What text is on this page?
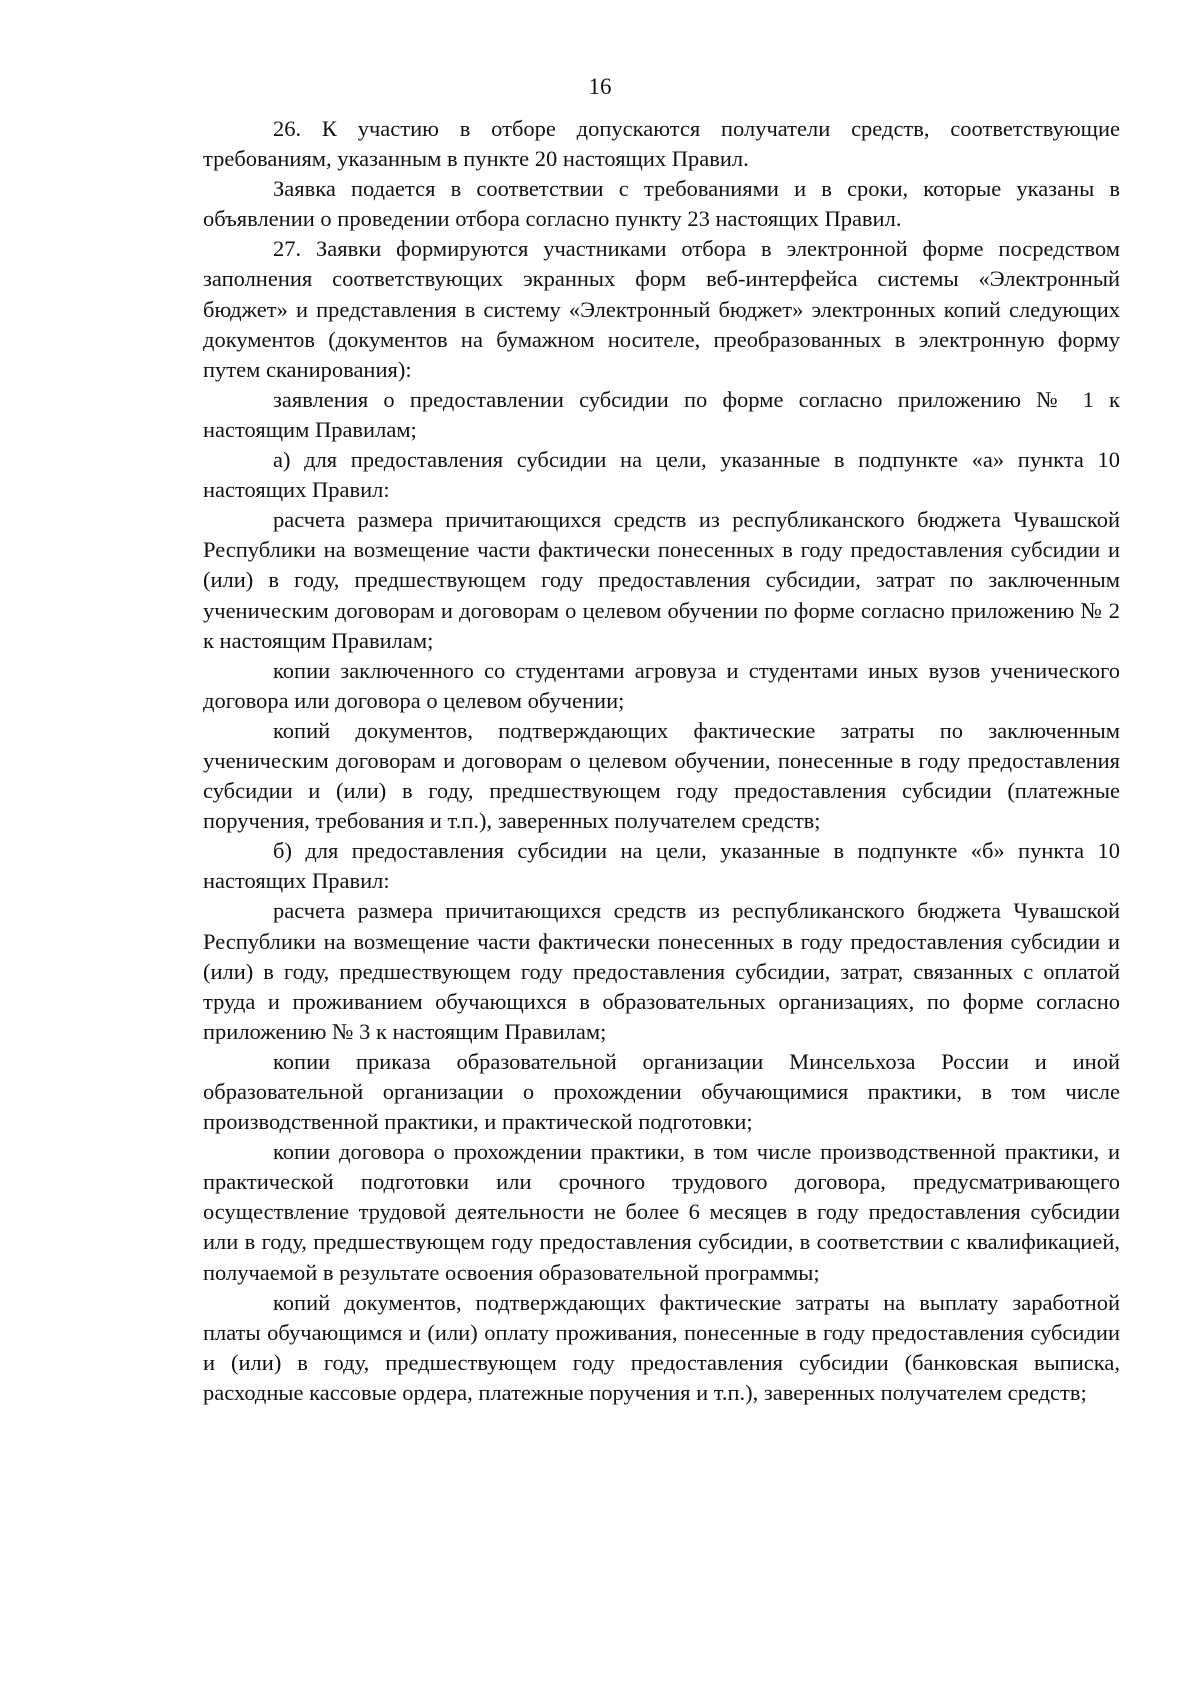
16

26. К участию в отборе допускаются получатели средств, соответствующие требованиям, указанным в пункте 20 настоящих Правил.

Заявка подается в соответствии с требованиями и в сроки, которые указаны в объявлении о проведении отбора согласно пункту 23 настоящих Правил.

27. Заявки формируются участниками отбора в электронной форме посредством заполнения соответствующих экранных форм веб-интерфейса системы «Электронный бюджет» и представления в систему «Электронный бюджет» электронных копий следующих документов (документов на бумажном носителе, преобразованных в электронную форму путем сканирования):

заявления о предоставлении субсидии по форме согласно приложению № 1 к настоящим Правилам;

а) для предоставления субсидии на цели, указанные в подпункте «а» пункта 10 настоящих Правил:

расчета размера причитающихся средств из республиканского бюджета Чувашской Республики на возмещение части фактически понесенных в году предоставления субсидии и (или) в году, предшествующем году предоставления субсидии, затрат по заключенным ученическим договорам и договорам о целевом обучении по форме согласно приложению № 2 к настоящим Правилам;

копии заключенного со студентами агровуза и студентами иных вузов ученического договора или договора о целевом обучении;

копий документов, подтверждающих фактические затраты по заключенным ученическим договорам и договорам о целевом обучении, понесенные в году предоставления субсидии и (или) в году, предшествующем году предоставления субсидии (платежные поручения, требования и т.п.), заверенных получателем средств;

б) для предоставления субсидии на цели, указанные в подпункте «б» пункта 10 настоящих Правил:

расчета размера причитающихся средств из республиканского бюджета Чувашской Республики на возмещение части фактически понесенных в году предоставления субсидии и (или) в году, предшествующем году предоставления субсидии, затрат, связанных с оплатой труда и проживанием обучающихся в образовательных организациях, по форме согласно приложению № 3 к настоящим Правилам;

копии приказа образовательной организации Минсельхоза России и иной образовательной организации о прохождении обучающимися практики, в том числе производственной практики, и практической подготовки;

копии договора о прохождении практики, в том числе производственной практики, и практической подготовки или срочного трудового договора, предусматривающего осуществление трудовой деятельности не более 6 месяцев в году предоставления субсидии или в году, предшествующем году предоставления субсидии, в соответствии с квалификацией, получаемой в результате освоения образовательной программы;

копий документов, подтверждающих фактические затраты на выплату заработной платы обучающимся и (или) оплату проживания, понесенные в году предоставления субсидии и (или) в году, предшествующем году предоставления субсидии (банковская выписка, расходные кассовые ордера, платежные поручения и т.п.), заверенных получателем средств;
